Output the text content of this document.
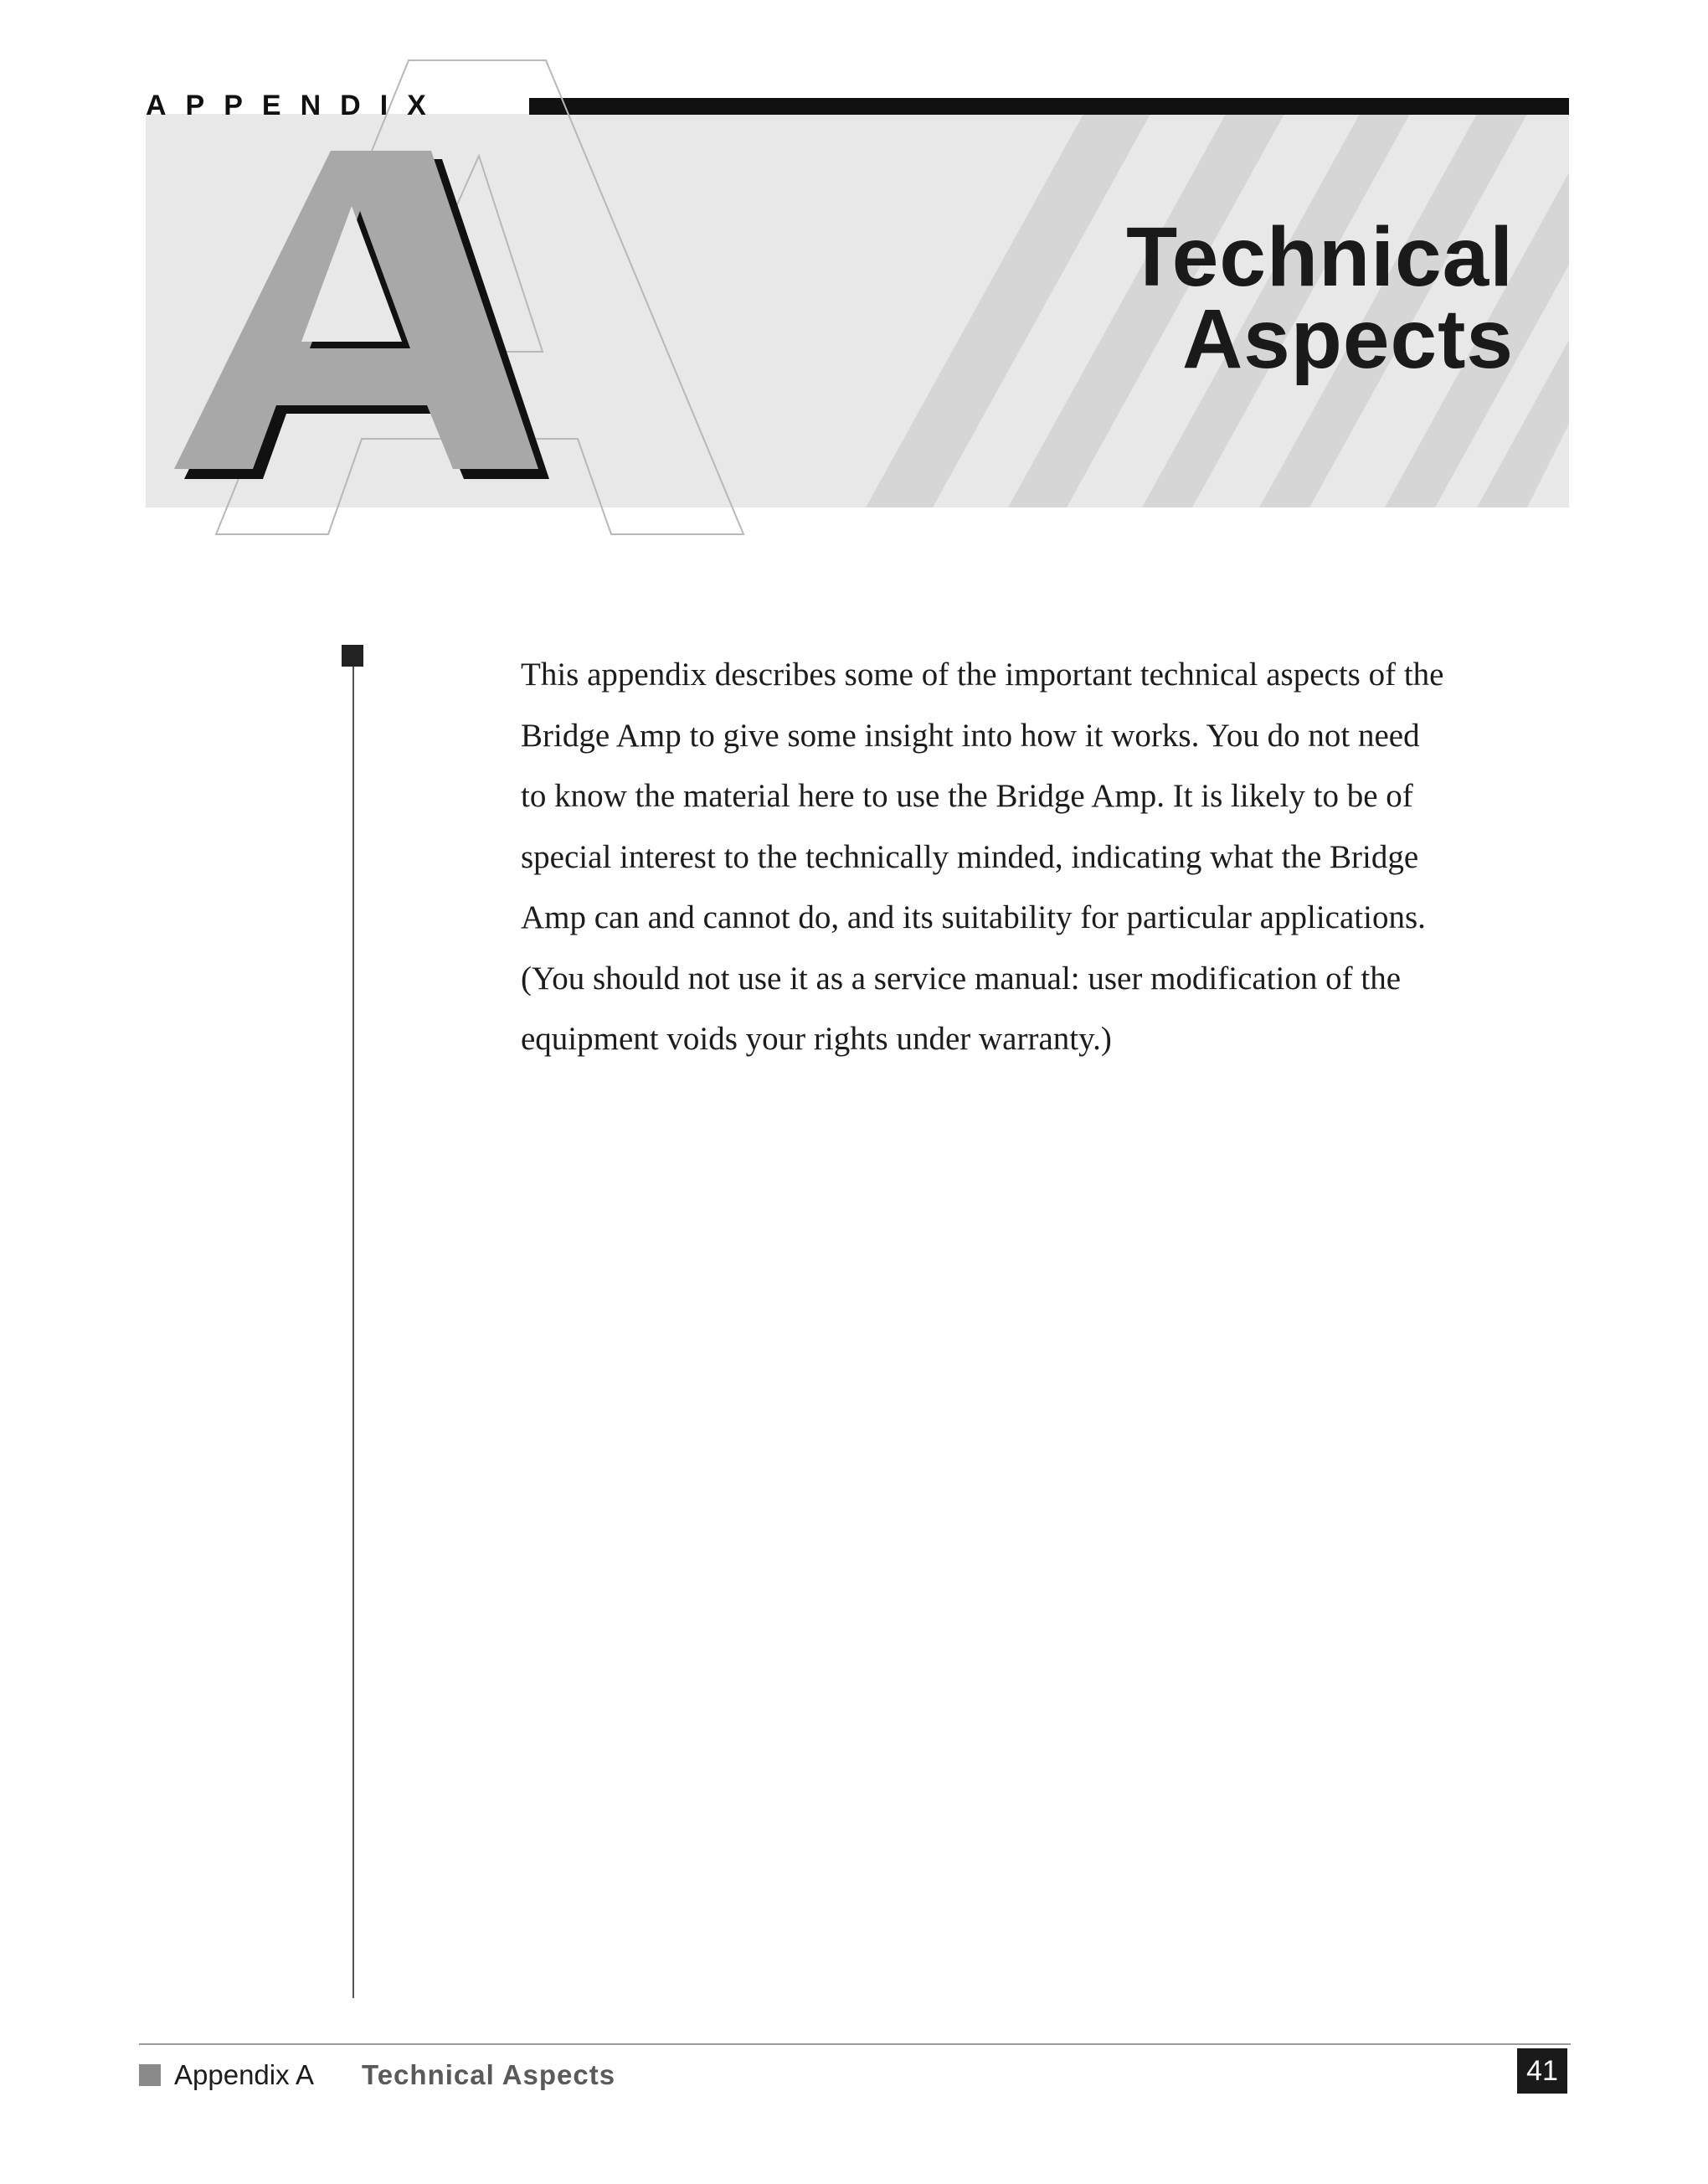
APPENDIX
Technical
Aspects

This appendix describes some of the important technical aspects of the
Bridge Amp to give some insight into how it works. You do not need
to know the material here to use the Bridge Amp. It is likely to be of
special interest to the technically minded, indicating what the Bridge
Amp can and cannot do, and its suitability for particular applications.
(You should not use it as a service manual: user modification of the
equipment voids your rights under warranty.)

Appendix A Technical Aspects	41
